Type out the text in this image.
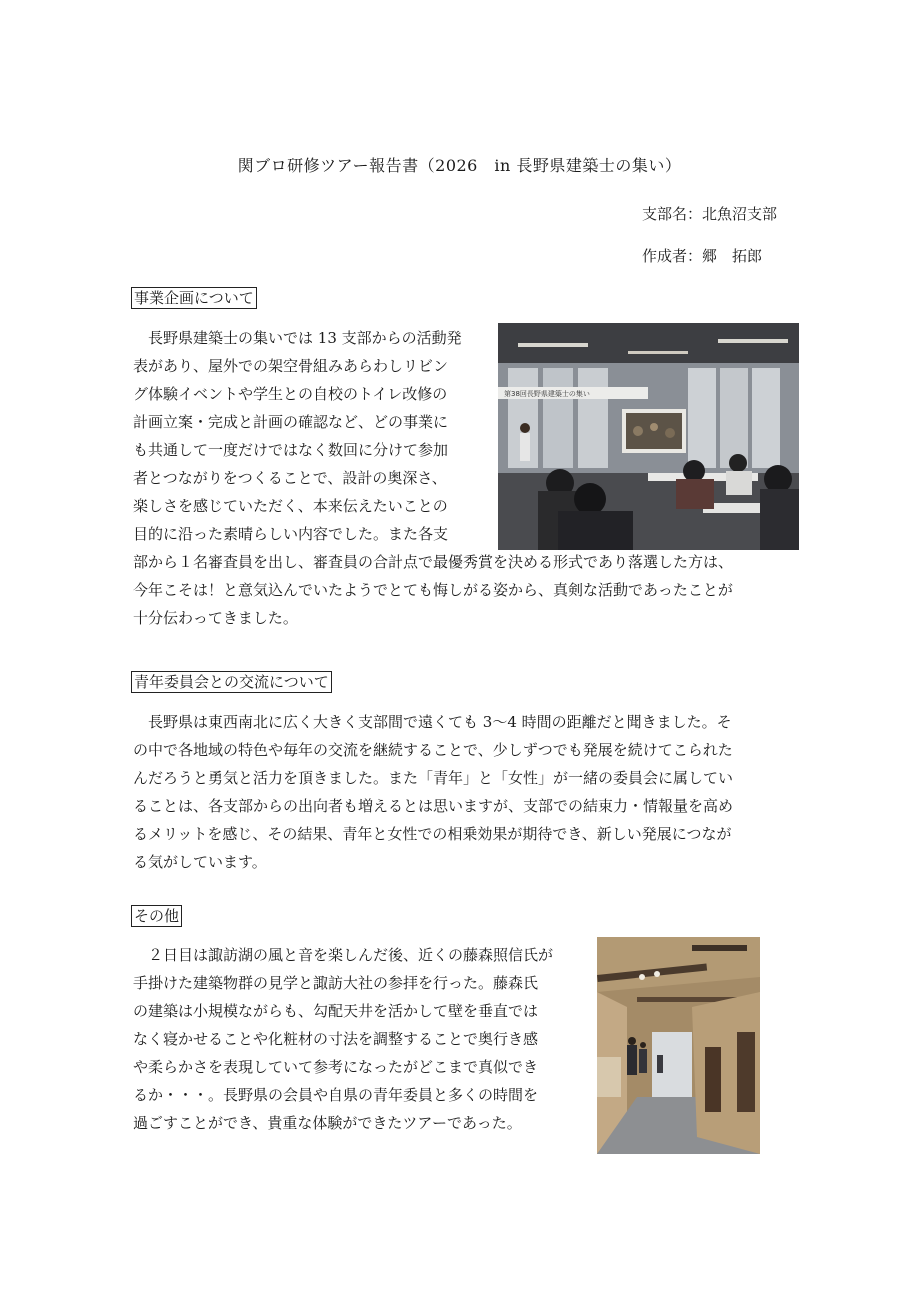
関ブロ研修ツアー報告書（2026　in 長野県建築士の集い）
支部名：北魚沼支部
作成者：郷　拓郎
事業企画について
　長野県建築士の集いでは 13 支部からの活動発
表があり、屋外での架空骨組みあらわしリビン
グ体験イベントや学生との自校のトイレ改修の
計画立案・完成と計画の確認など、どの事業に
も共通して一度だけではなく数回に分けて参加
者とつながりをつくることで、設計の奥深さ、
楽しさを感じていただく、本来伝えたいことの
目的に沿った素晴らしい内容でした。また各支
部から１名審査員を出し、審査員の合計点で最優秀賞を決める形式であり落選した方は、
今年こそは！と意気込んでいたようでとても悔しがる姿から、真剣な活動であったことが
十分伝わってきました。
第38回長野県建築士の集い
青年委員会との交流について
　長野県は東西南北に広く大きく支部間で遠くても 3〜4 時間の距離だと聞きました。そ
の中で各地域の特色や毎年の交流を継続することで、少しずつでも発展を続けてこられた
んだろうと勇気と活力を頂きました。また「青年」と「女性」が一緒の委員会に属してい
ることは、各支部からの出向者も増えるとは思いますが、支部での結束力・情報量を高め
るメリットを感じ、その結果、青年と女性での相乗効果が期待でき、新しい発展につなが
る気がしています。
その他
　２日目は諏訪湖の風と音を楽しんだ後、近くの藤森照信氏が
手掛けた建築物群の見学と諏訪大社の参拝を行った。藤森氏
の建築は小規模ながらも、勾配天井を活かして壁を垂直では
なく寝かせることや化粧材の寸法を調整することで奥行き感
や柔らかさを表現していて参考になったがどこまで真似でき
るか・・・。長野県の会員や自県の青年委員と多くの時間を
過ごすことができ、貴重な体験ができたツアーであった。
